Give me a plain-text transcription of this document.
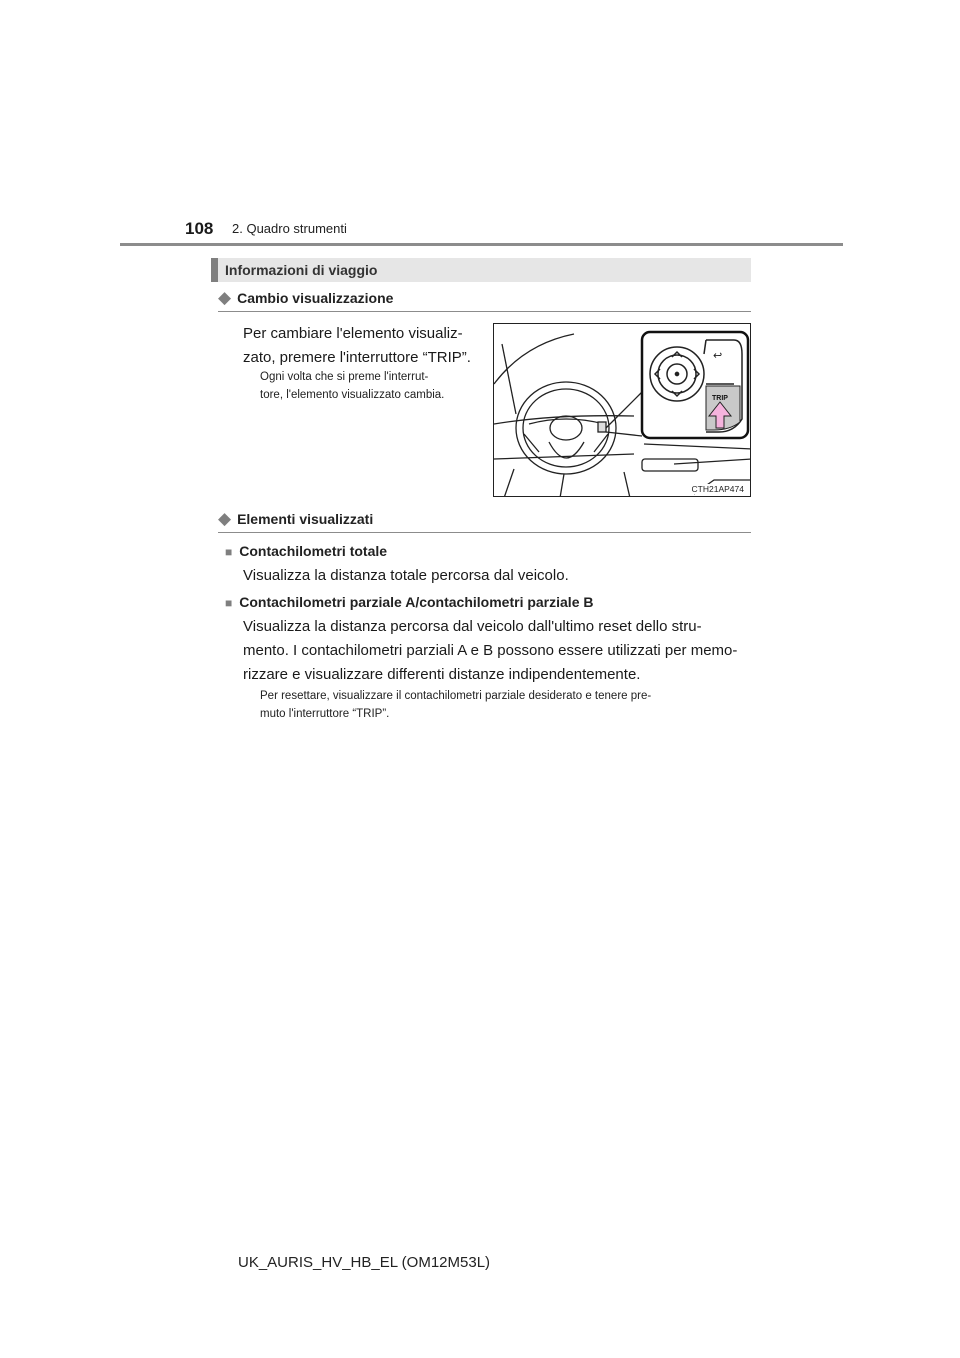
108 2. Quadro strumenti
Informazioni di viaggio
◆ Cambio visualizzazione
Per cambiare l'elemento visualiz-
zato, premere l'interruttore “TRIP”.
Ogni volta che si preme l'interrut-
tore, l'elemento visualizzato cambia.
↩
TRIP
CTH21AP474
◆ Elementi visualizzati
■ Contachilometri totale
Visualizza la distanza totale percorsa dal veicolo.
■ Contachilometri parziale A/contachilometri parziale B
Visualizza la distanza percorsa dal veicolo dall'ultimo reset dello stru-
mento. I contachilometri parziali A e B possono essere utilizzati per memo-
rizzare e visualizzare differenti distanze indipendentemente.
Per resettare, visualizzare il contachilometri parziale desiderato e tenere pre-
muto l'interruttore “TRIP”.
UK_AURIS_HV_HB_EL (OM12M53L)
